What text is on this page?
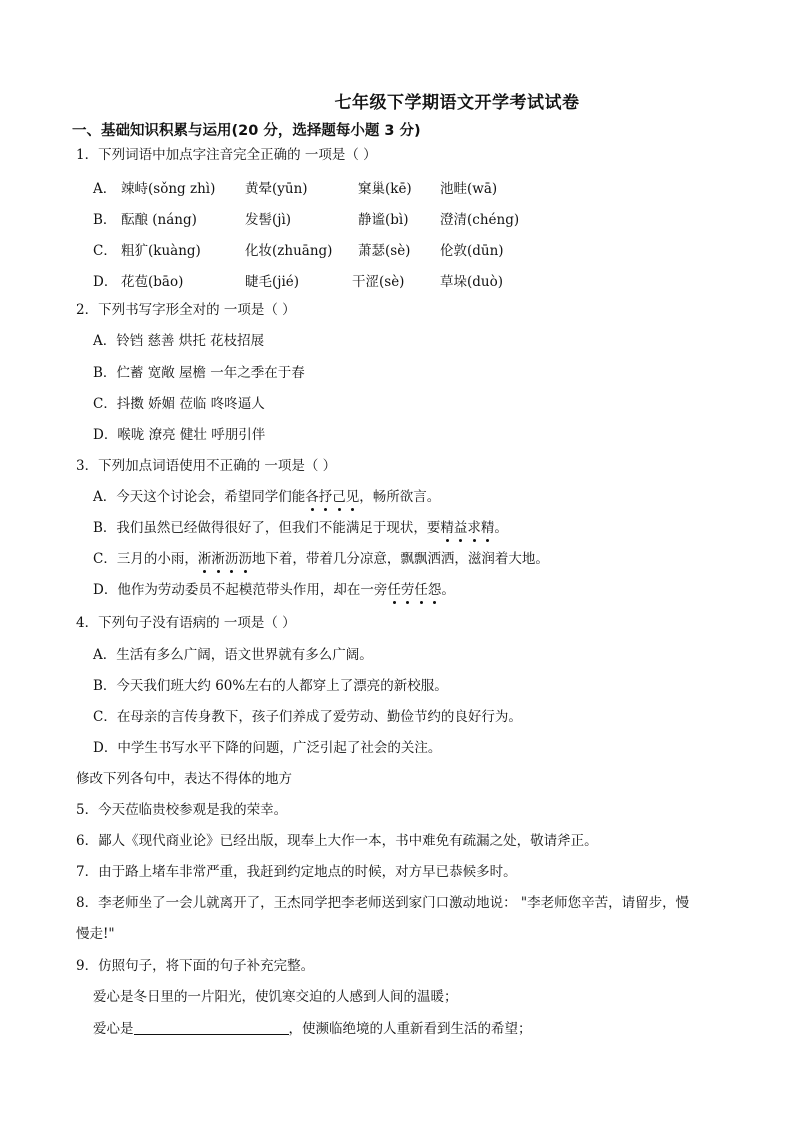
七年级下学期语文开学考试试卷
一、基础知识积累与运用(20 分，选择题每小题 3 分)
1．下列词语中加点字注音完全正确的 一项是（ ）
A． 竦峙(sǒng zhì) 黄晕(yūn)	窠巢(kē) 池畦(wā)
B． 酝酿 (náng)	发髻(jì)	静谧(bì) 澄清(chéng)
C． 粗犷(kuàng)	化妆(zhuāng) 萧瑟(sè) 伦敦(dūn)
D． 花苞(bāo)	睫毛(jié)	干涩(sè)	草垛(duò)
2．下列书写字形全对的 一项是（ ）
A．铃铛 慈善 烘托 花枝招展
B．伫蓄 宽敞 屋檐 一年之季在于春
C．抖擞 娇媚 莅临 咚咚逼人
D．喉咙 潦亮 健壮 呼朋引伴
3．下列加点词语使用不正确的 一项是（ ）
A．今天这个讨论会，希望同学们能各抒己见，畅所欲言。
B．我们虽然已经做得很好了，但我们不能满足于现状，要精益求精。
C．三月的小雨，淅淅沥沥地下着，带着几分凉意，飘飘洒洒，滋润着大地。
D．他作为劳动委员不起模范带头作用，却在一旁任劳任怨。
4．下列句子没有语病的 一项是（ ）
A．生活有多么广阔，语文世界就有多么广阔。
B．今天我们班大约 60%左右的人都穿上了漂亮的新校服。
C．在母亲的言传身教下，孩子们养成了爱劳动、勤俭节约的良好行为。
D．中学生书写水平下降的问题，广泛引起了社会的关注。
修改下列各句中，表达不得体的地方
5．今天莅临贵校参观是我的荣幸。
6．鄙人《现代商业论》已经出版，现奉上大作一本，书中难免有疏漏之处，敬请斧正。
7．由于路上堵车非常严重，我赶到约定地点的时候，对方早已恭候多时。
8．李老师坐了一会儿就离开了，王杰同学把李老师送到家门口激动地说： "李老师您辛苦，请留步，慢
慢走!"
9．仿照句子，将下面的句子补充完整。
爱心是冬日里的一片阳光，使饥寒交迫的人感到人间的温暖；
爱心是	，使濒临绝境的人重新看到生活的希望；
